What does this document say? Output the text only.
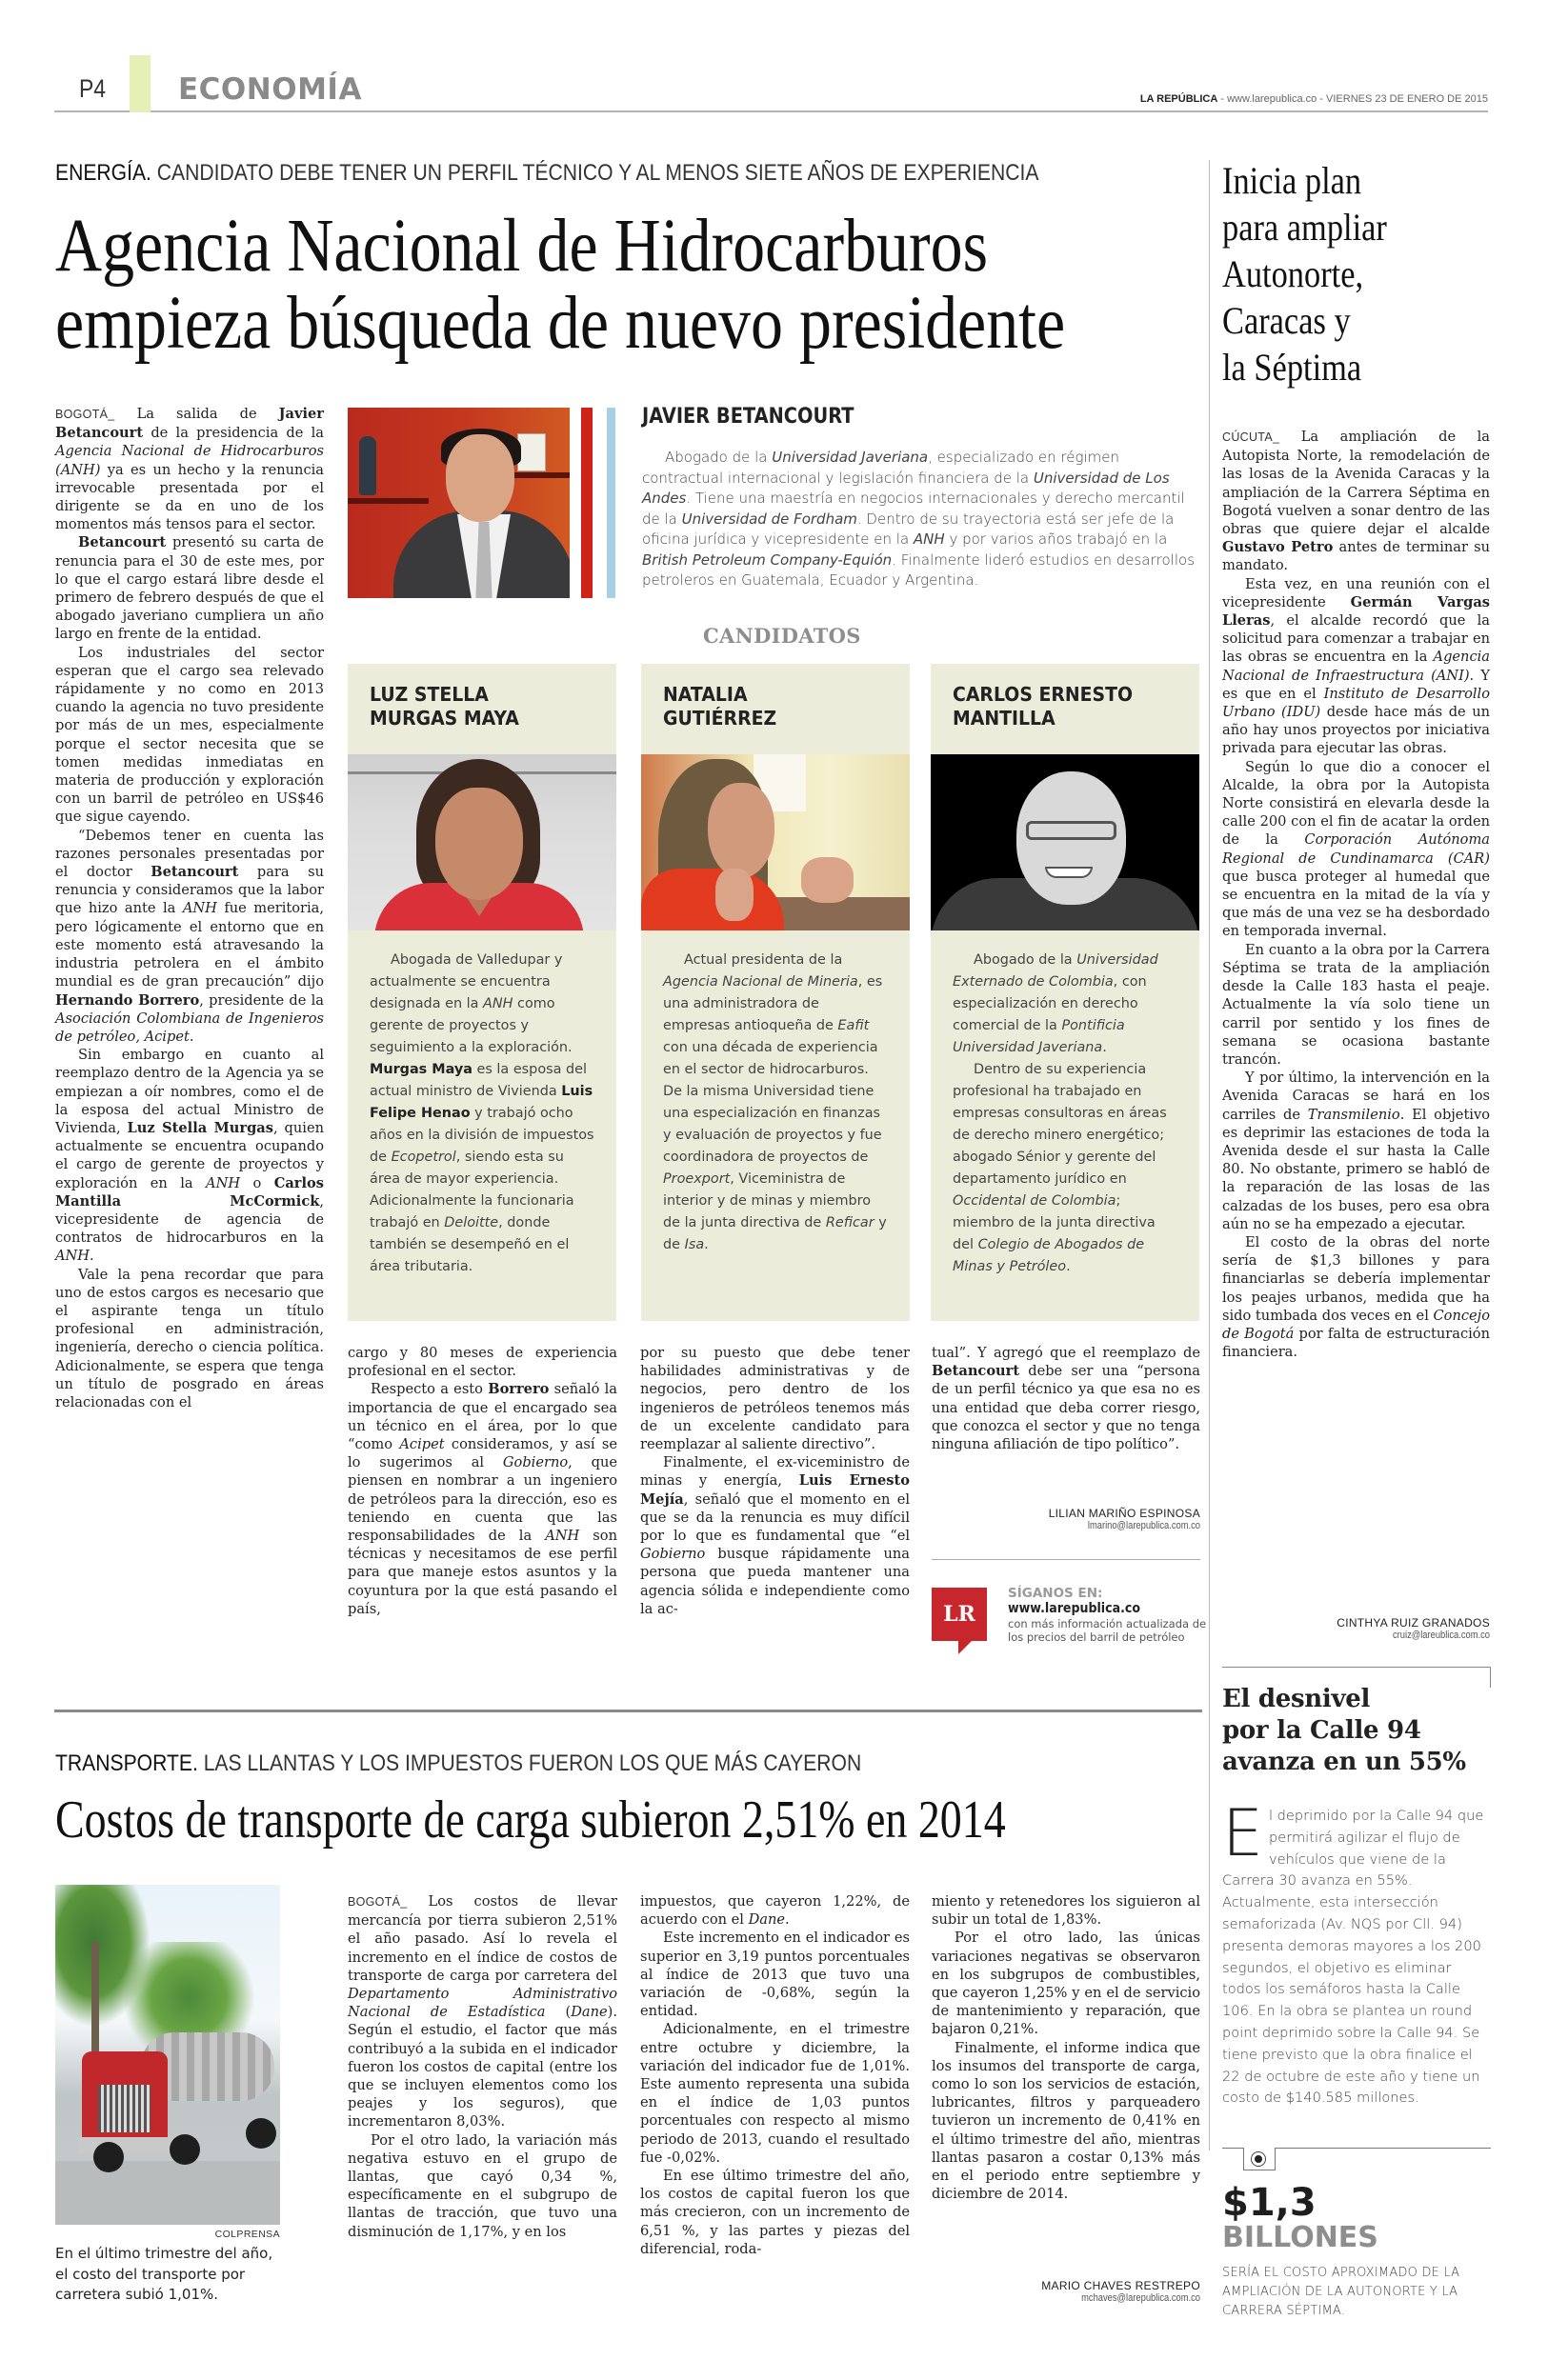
P4 ECONOMÍA	LA REPÚBLICA - www.larepublica.co - VIERNES 23 DE ENERO DE 2015
ENERGÍA. CANDIDATO DEBE TENER UN PERFIL TÉCNICO Y AL MENOS SIETE AÑOS DE EXPERIENCIA
Agencia Nacional de Hidrocarburos
empieza búsqueda de nuevo presidente

BOGOTÁ_ La salida de Javier Betancourt de la presidencia de la Agencia Nacional de Hidrocarburos (ANH) ya es un hecho y la renuncia irrevocable presentada por el dirigente se da en uno de los momentos más tensos para el sector.

Betancourt presentó su carta de renuncia para el 30 de este mes, por lo que el cargo estará libre desde el primero de febrero después de que el abogado javeriano cumpliera un año largo en frente de la entidad.

Los industriales del sector esperan que el cargo sea relevado rápidamente y no como en 2013 cuando la agencia no tuvo presidente por más de un mes, especialmente porque el sector necesita que se tomen medidas inmediatas en materia de producción y exploración con un barril de petróleo en US$46 que sigue cayendo.

“Debemos tener en cuenta las razones personales presentadas por el doctor Betancourt para su renuncia y consideramos que la labor que hizo ante la ANH fue meritoria, pero lógicamente el entorno que en este momento está atravesando la industria petrolera en el ámbito mundial es de gran precaución” dijo Hernando Borrero, presidente de la Asociación Colombiana de Ingenieros de petróleo, Acipet.

Sin embargo en cuanto al reemplazo dentro de la Agencia ya se empiezan a oír nombres, como el de la esposa del actual Ministro de Vivienda, Luz Stella Murgas, quien actualmente se encuentra ocupando el cargo de gerente de proyectos y exploración en la ANH o Carlos Mantilla McCormick, vicepresidente de agencia de contratos de hidrocarburos en la ANH.

Vale la pena recordar que para uno de estos cargos es necesario que el aspirante tenga un título profesional en administración, ingeniería, derecho o ciencia política. Adicionalmente, se espera que tenga un título de posgrado en áreas relacionadas con el

JAVIER BETANCOURT

Abogado de la Universidad Javeriana, especializado en régimen contractual internacional y legislación financiera de la Universidad de Los Andes. Tiene una maestría en negocios internacionales y derecho mercantil de la Universidad de Fordham. Dentro de su trayectoria está ser jefe de la oficina jurídica y vicepresidente en la ANH y por varios años trabajó en la British Petroleum Company-Equión. Finalmente lideró estudios en desarrollos petroleros en Guatemala, Ecuador y Argentina.

CANDIDATOS
LUZ STELLA
MURGAS MAYA

Abogada de Valledupar y actualmente se encuentra designada en la ANH como gerente de proyectos y seguimiento a la exploración. Murgas Maya es la esposa del actual ministro de Vivienda Luis Felipe Henao y trabajó ocho años en la división de impuestos de Ecopetrol, siendo esta su área de mayor experiencia. Adicionalmente la funcionaria trabajó en Deloitte, donde también se desempeñó en el área tributaria.

NATALIA
GUTIÉRREZ

Actual presidenta de la Agencia Nacional de Mineria, es una administradora de empresas antioqueña de Eafit con una década de experiencia en el sector de hidrocarburos. De la misma Universidad tiene una especialización en finanzas y evaluación de proyectos y fue coordinadora de proyectos de Proexport, Viceministra de interior y de minas y miembro de la junta directiva de Reficar y de Isa.

CARLOS ERNESTO
MANTILLA

Abogado de la Universidad Externado de Colombia, con especialización en derecho comercial de la Pontificia Universidad Javeriana.

Dentro de su experiencia profesional ha trabajado en empresas consultoras en áreas de derecho minero energético; abogado Sénior y gerente del departamento jurídico en Occidental de Colombia; miembro de la junta directiva del Colegio de Abogados de Minas y Petróleo.

cargo y 80 meses de experiencia profesional en el sector.

Respecto a esto Borrero señaló la importancia de que el encargado sea un técnico en el área, por lo que “como Acipet consideramos, y así se lo sugerimos al Gobierno, que piensen en nombrar a un ingeniero de petróleos para la dirección, eso es teniendo en cuenta que las responsabilidades de la ANH son técnicas y necesitamos de ese perfil para que maneje estos asuntos y la coyuntura por la que está pasando el país,

por su puesto que debe tener habilidades administrativas y de negocios, pero dentro de los ingenieros de petróleos tenemos más de un excelente candidato para reemplazar al saliente directivo”.

Finalmente, el ex-viceministro de minas y energía, Luis Ernesto Mejía, señaló que el momento en el que se da la renuncia es muy difícil por lo que es fundamental que “el Gobierno busque rápidamente una persona que pueda mantener una agencia sólida e independiente como la ac-

tual”. Y agregó que el reemplazo de Betancourt debe ser una “persona de un perfil técnico ya que esa no es una entidad que deba correr riesgo, que conozca el sector y que no tenga ninguna afiliación de tipo político”.

LILIAN MARIÑO ESPINOSA
lmarino@larepublica.com.co
LR
SÍGANOS EN:
www.larepublica.co
con más información actualizada de los precios del barril de petróleo
Inicia plan
para ampliar
Autonorte,
Caracas y
la Séptima

CÚCUTA_ La ampliación de la Autopista Norte, la remodelación de las losas de la Avenida Caracas y la ampliación de la Carrera Séptima en Bogotá vuelven a sonar dentro de las obras que quiere dejar el alcalde Gustavo Petro antes de terminar su mandato.

Esta vez, en una reunión con el vicepresidente Germán Vargas Lleras, el alcalde recordó que la solicitud para comenzar a trabajar en las obras se encuentra en la Agencia Nacional de Infraestructura (ANI). Y es que en el Instituto de Desarrollo Urbano (IDU) desde hace más de un año hay unos proyectos por iniciativa privada para ejecutar las obras.

Según lo que dio a conocer el Alcalde, la obra por la Autopista Norte consistirá en elevarla desde la calle 200 con el fin de acatar la orden de la Corporación Autónoma Regional de Cundinamarca (CAR) que busca proteger al humedal que se encuentra en la mitad de la vía y que más de una vez se ha desbordado en temporada invernal.

En cuanto a la obra por la Carrera Séptima se trata de la ampliación desde la Calle 183 hasta el peaje. Actualmente la vía solo tiene un carril por sentido y los fines de semana se ocasiona bastante trancón.

Y por último, la intervención en la Avenida Caracas se hará en los carriles de Transmilenio. El objetivo es deprimir las estaciones de toda la Avenida desde el sur hasta la Calle 80. No obstante, primero se habló de la reparación de las losas de las calzadas de los buses, pero esa obra aún no se ha empezado a ejecutar.

El costo de la obras del norte sería de $1,3 billones y para financiarlas se debería implementar los peajes urbanos, medida que ha sido tumbada dos veces en el Concejo de Bogotá por falta de estructuración financiera.

CINTHYA RUIZ GRANADOS
cruiz@lareublica.com.co
El desnivel
por la Calle 94
avanza en un 55%
El deprimido por la Calle 94 que permitirá agilizar el flujo de vehículos que viene de la Carrera 30 avanza en 55%. Actualmente, esta intersección semaforizada (Av. NQS por Cll. 94) presenta demoras mayores a los 200 segundos, el objetivo es eliminar todos los semáforos hasta la Calle 106. En la obra se plantea un round point deprimido sobre la Calle 94. Se tiene previsto que la obra finalice el 22 de octubre de este año y tiene un costo de $140.585 millones.
$1,3
BILLONES
SERÍA EL COSTO APROXIMADO DE LA AMPLIACIÓN DE LA AUTONORTE Y LA CARRERA SÉPTIMA.
TRANSPORTE. LAS LLANTAS Y LOS IMPUESTOS FUERON LOS QUE MÁS CAYERON
Costos de transporte de carga subieron 2,51% en 2014
COLPRENSA
En el último trimestre del año, el costo del transporte por carretera subió 1,01%.

BOGOTÁ_ Los costos de llevar mercancía por tierra subieron 2,51% el año pasado. Así lo revela el incremento en el índice de costos de transporte de carga por carretera del Departamento Administrativo Nacional de Estadística (Dane). Según el estudio, el factor que más contribuyó a la subida en el indicador fueron los costos de capital (entre los que se incluyen elementos como los peajes y los seguros), que incrementaron 8,03%.

Por el otro lado, la variación más negativa estuvo en el grupo de llantas, que cayó 0,34 %, específicamente en el subgrupo de llantas de tracción, que tuvo una disminución de 1,17%, y en los

impuestos, que cayeron 1,22%, de acuerdo con el Dane.

Este incremento en el indicador es superior en 3,19 puntos porcentuales al índice de 2013 que tuvo una variación de -0,68%, según la entidad.

Adicionalmente, en el trimestre entre octubre y diciembre, la variación del indicador fue de 1,01%. Este aumento representa una subida en el índice de 1,03 puntos porcentuales con respecto al mismo periodo de 2013, cuando el resultado fue -0,02%.

En ese último trimestre del año, los costos de capital fueron los que más crecieron, con un incremento de 6,51 %, y las partes y piezas del diferencial, roda-

miento y retenedores los siguieron al subir un total de 1,83%.

Por el otro lado, las únicas variaciones negativas se observaron en los subgrupos de combustibles, que cayeron 1,25% y en el de servicio de mantenimiento y reparación, que bajaron 0,21%.

Finalmente, el informe indica que los insumos del transporte de carga, como lo son los servicios de estación, lubricantes, filtros y parqueadero tuvieron un incremento de 0,41% en el último trimestre del año, mientras llantas pasaron a costar 0,13% más en el periodo entre septiembre y diciembre de 2014.

MARIO CHAVES RESTREPO
mchaves@larepublica.com.co
